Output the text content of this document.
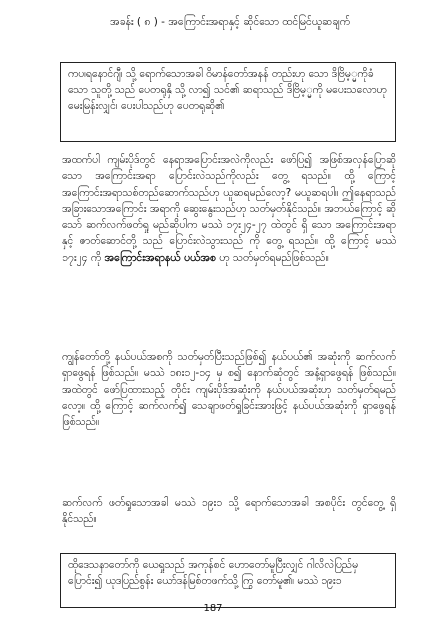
အခန်း ( ၈ ) - အကြောင်းအရာနှင့် ဆိုင်သော ထင်မြင်ယူဆချက်
ကပ၊ရနောင်ဂျီ၊ သို့ ရောက်သောအခါ ဝိမာန်တော်အနန် တည်းဟု သော ဒိဗြိမ့္မကိုခံသော သူတို့ သည် ပေတရုနှိ သို့ လာ၍ သင်၏ ဆရာသည် ဒိဗြိမ့္မကို မပေးသလောဟု မေးမြန်းလျှင်၊ ပေးပါသည်ဟု ပေတရုဆို၏
အထက်ပါ ကျမ်းပိုဒ်တွင် နေရာအပြောင်းအလဲကိုလည်း ဖော်ပြ၍ အဖြစ်အလှန်ပြောဆိုသော အကြောင်းအရာ ပြောင်းလဲသည်ကိုလည်း တွေ့ ရသည်။ ထို့ ကြောင့် အကြောင်းအရာသစ်တည်ဆောက်သည်ဟု ယူဆရမည်လော့? မယူဆရပါ။ ဤနေရာသည် အခြားသောအကြောင်း အရာကို ဆွေးနွေးသည်ဟု သတ်မှတ်နိုင်သည်။ အဘယ်ကြောင့် ဆိုသော် ဆက်လက်ဖတ်ရှု မည်ဆိုပါက မဿဲ ၁၇း၂၄-၂၇ ထဲတွင် ရှိ သော အကြောင်းအရာနှင့် ဇာတ်ဆောင်တို့ သည် ပြောင်းလဲသွားသည် ကို တွေ့ ရသည်။ ထို့ ကြောင့် မဿဲ ၁၇း၂၄ ကို အကြောင်းအရာနယ် ပယ်အစ ဟု သတ်မှတ်ရမည်ဖြစ်သည်။
ကျွန်တော်တို့ နယ်ပယ်အစကို သတ်မှတ်ပြီးသည်ဖြစ်၍ နယ်ပယ်၏ အဆုံးကို ဆက်လက်ရှာဖွေရန် ဖြစ်သည်။ မဿဲ ၁၈း၁၂-၁၄ မှ စ၍ နောက်ဆုံတွင် အနံ့ရှာဖွေရန် ဖြစ်သည်။ အထဲတွင် ဖော်ပြထားသည့် တိုင်း ကျမ်းပိုဒ်အဆုံးကို နယ်ပယ်အဆုံးဟု သတ်မှတ်ရမည်လော့။ ထို့ ကြောင့် ဆက်လက်၍ သေချာဖတ်ရှုခြင်းအားဖြင့် နယ်ပယ်အဆုံးကို ရှာဖွေရန် ဖြစ်သည်။
ဆက်လက် ဖတ်ရှုသောအခါ မဿဲ ၁၉း၁ သို့ ရောက်သောအခါ အစပိုင်း တွင်တွေ့ ရှိနိုင်သည်။
ထိုဒေသနာတော်ကို ယေရှုသည် အကုန်စင် ဟောတော်မူပြီးလျှင် ဂါလိလဲပြည်မှ ပြောင်း၍ ယုဒပြည်စွန်း ယော်ဒန်မြစ်တဖက်သို့ ကြွ တော်မူ၏၊ မဿဲ ၁၉း၁
187
